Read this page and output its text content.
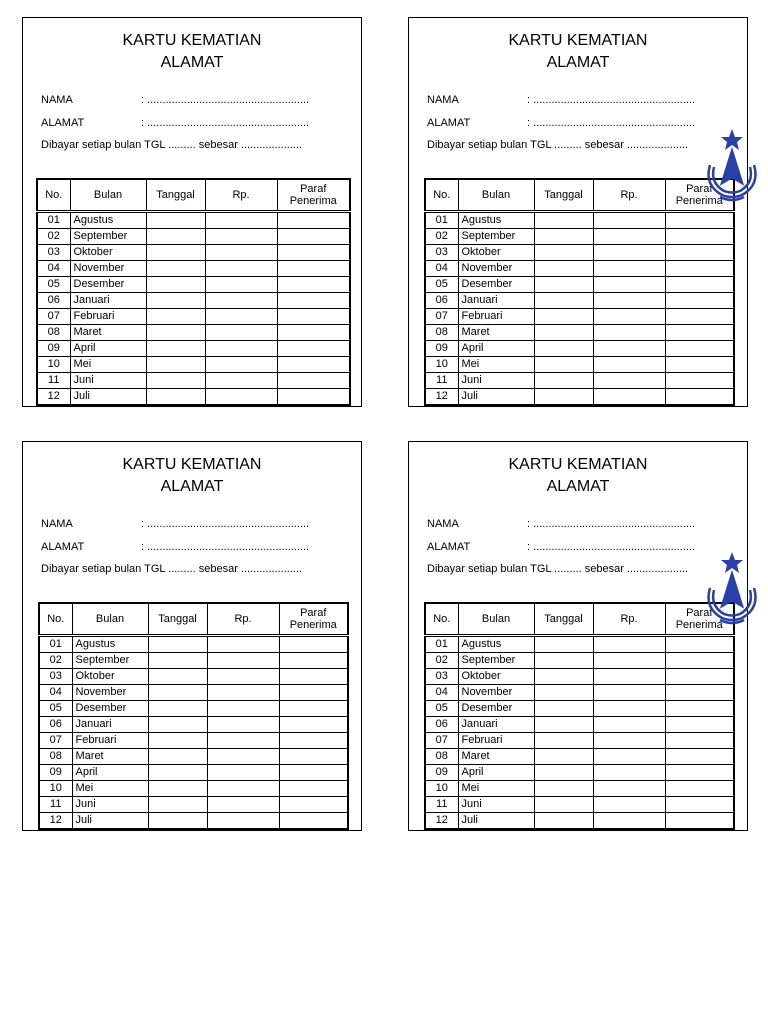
KARTU KEMATIAN
ALAMAT
NAMA	: .....................................................
ALAMAT	: .....................................................
Dibayar setiap bulan TGL ......... sebesar ....................
No.	Bulan	Tanggal	Rp.	Paraf Penerima
01	Agustus			
02	September			
03	Oktober			
04	November			
05	Desember			
06	Januari			
07	Februari			
08	Maret			
09	April			
10	Mei			
11	Juni			
12	Juli			
KARTU KEMATIAN
ALAMAT
NAMA	: .....................................................
ALAMAT	: .....................................................
Dibayar setiap bulan TGL ......... sebesar ....................
No.	Bulan	Tanggal	Rp.	Paraf Penerima
01	Agustus			
02	September			
03	Oktober			
04	November			
05	Desember			
06	Januari			
07	Februari			
08	Maret			
09	April			
10	Mei			
11	Juni			
12	Juli			
KARTU KEMATIAN
ALAMAT
NAMA	: .....................................................
ALAMAT	: .....................................................
Dibayar setiap bulan TGL ......... sebesar ....................
No.	Bulan	Tanggal	Rp.	Paraf Penerima
01	Agustus			
02	September			
03	Oktober			
04	November			
05	Desember			
06	Januari			
07	Februari			
08	Maret			
09	April			
10	Mei			
11	Juni			
12	Juli			
KARTU KEMATIAN
ALAMAT
NAMA	: .....................................................
ALAMAT	: .....................................................
Dibayar setiap bulan TGL ......... sebesar ....................
No.	Bulan	Tanggal	Rp.	Paraf Penerima
01	Agustus			
02	September			
03	Oktober			
04	November			
05	Desember			
06	Januari			
07	Februari			
08	Maret			
09	April			
10	Mei			
11	Juni			
12	Juli			
